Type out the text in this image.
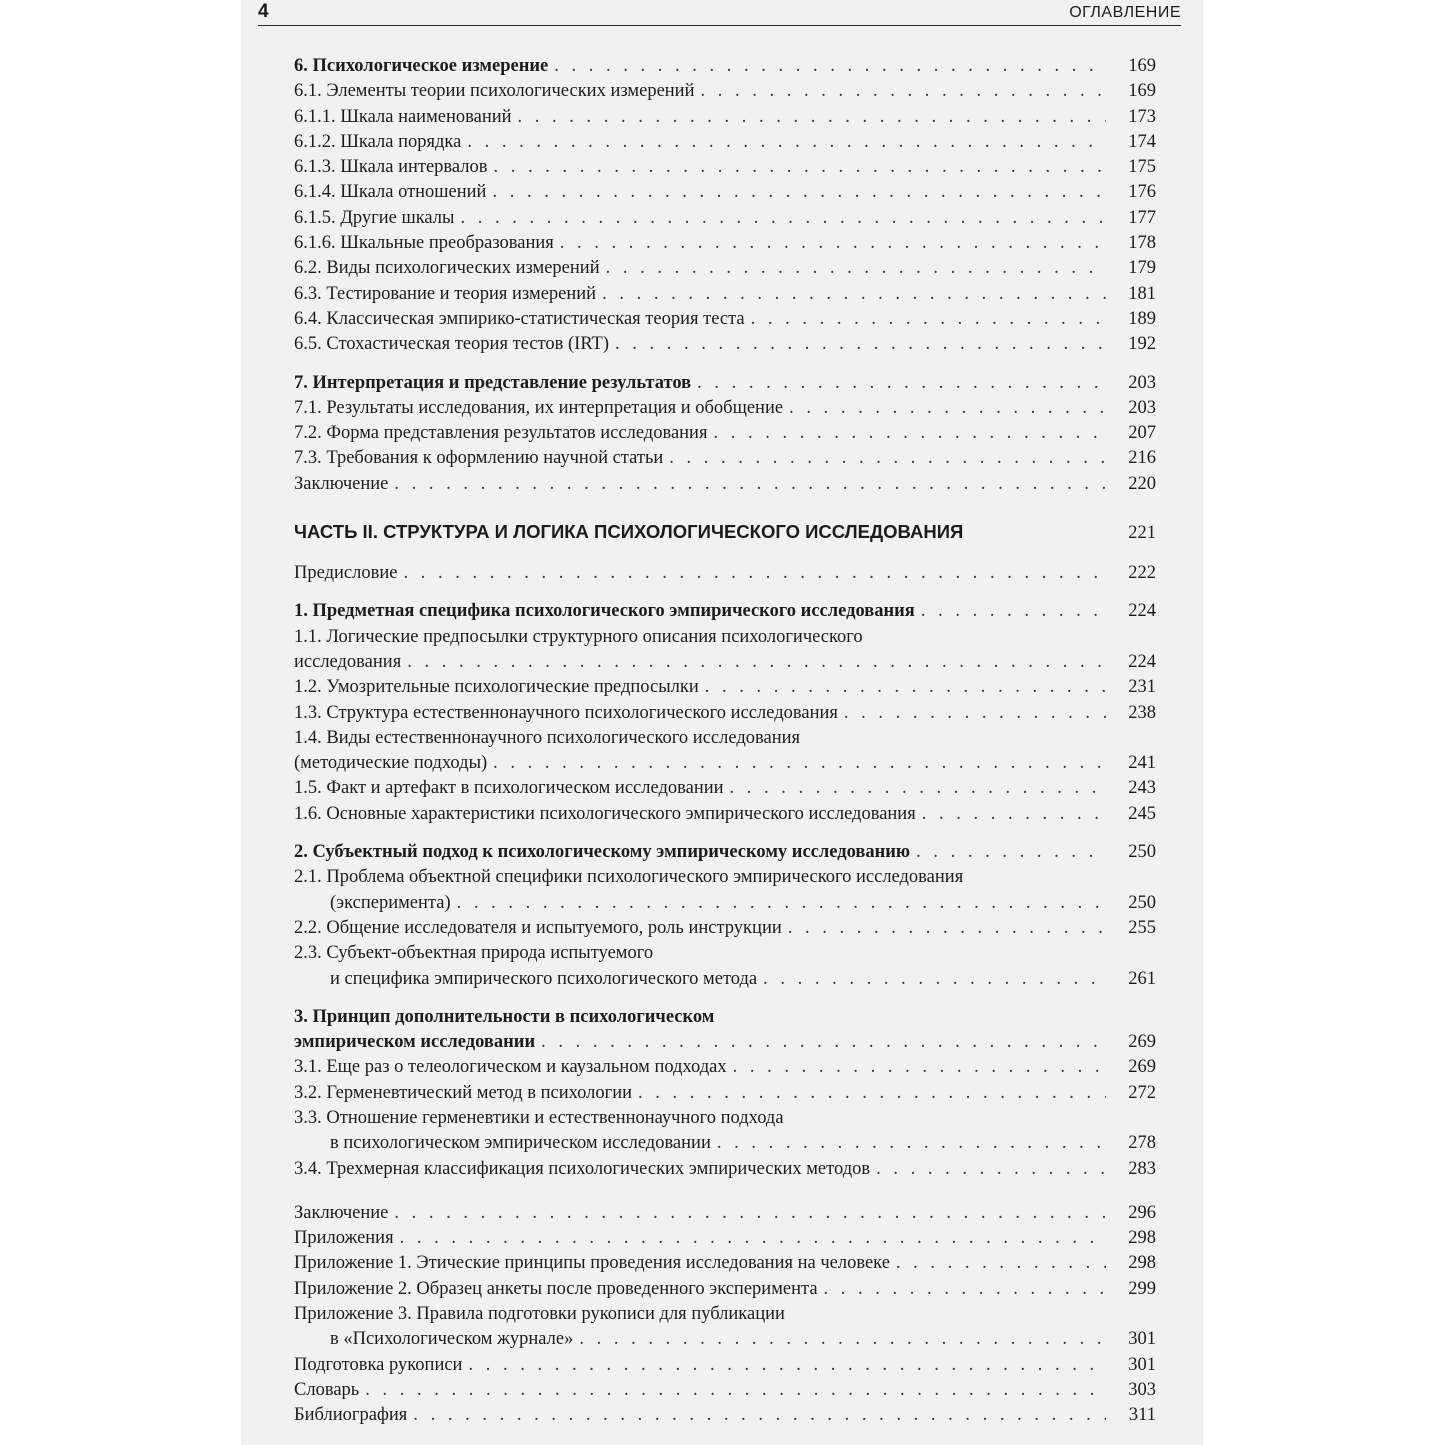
4	ОГЛАВЛЕНИЕ
6. Психологическое измерение . . .	169
6.1. Элементы теории психологических измерений . . .	169
6.1.1. Шкала наименований . . .	173
6.1.2. Шкала порядка . . .	174
6.1.3. Шкала интервалов . . .	175
6.1.4. Шкала отношений . . .	176
6.1.5. Другие шкалы . . .	177
6.1.6. Шкальные преобразования . . .	178
6.2. Виды психологических измерений . . .	179
6.3. Тестирование и теория измерений . . .	181
6.4. Классическая эмпирико-статистическая теория теста . . .	189
6.5. Стохастическая теория тестов (IRT) . . .	192
7. Интерпретация и представление результатов . . .	203
7.1. Результаты исследования, их интерпретация и обобщение . . .	203
7.2. Форма представления результатов исследования . . .	207
7.3. Требования к оформлению научной статьи . . .	216
Заключение . . .	220
ЧАСТЬ II. СТРУКТУРА И ЛОГИКА ПСИХОЛОГИЧЕСКОГО ИССЛЕДОВАНИЯ	221
Предисловие . . .	222
1. Предметная специфика психологического эмпирического исследования . . .	224
1.1. Логические предпосылки структурного описания психологического
исследования . . .	224
1.2. Умозрительные психологические предпосылки . . .	231
1.3. Структура естественнонаучного психологического исследования . . .	238
1.4. Виды естественнонаучного психологического исследования
(методические подходы) . . .	241
1.5. Факт и артефакт в психологическом исследовании . . .	243
1.6. Основные характеристики психологического эмпирического исследования . . .	245
2. Субъектный подход к психологическому эмпирическому исследованию . . .	250
2.1. Проблема объектной специфики психологического эмпирического исследования
(эксперимента) . . .	250
2.2. Общение исследователя и испытуемого, роль инструкции . . .	255
2.3. Субъект-объектная природа испытуемого
и специфика эмпирического психологического метода . . .	261
3. Принцип дополнительности в психологическом
эмпирическом исследовании . . .	269
3.1. Еще раз о телеологическом и каузальном подходах . . .	269
3.2. Герменевтический метод в психологии . . .	272
3.3. Отношение герменевтики и естественнонаучного подхода
в психологическом эмпирическом исследовании . . .	278
3.4. Трехмерная классификация психологических эмпирических методов . . .	283
Заключение . . .	296
Приложения . . .	298
Приложение 1. Этические принципы проведения исследования на человеке . . .	298
Приложение 2. Образец анкеты после проведенного эксперимента . . .	299
Приложение 3. Правила подготовки рукописи для публикации
в «Психологическом журнале» . . .	301
Подготовка рукописи . . .	301
Словарь . . .	303
Библиография . . .	311
